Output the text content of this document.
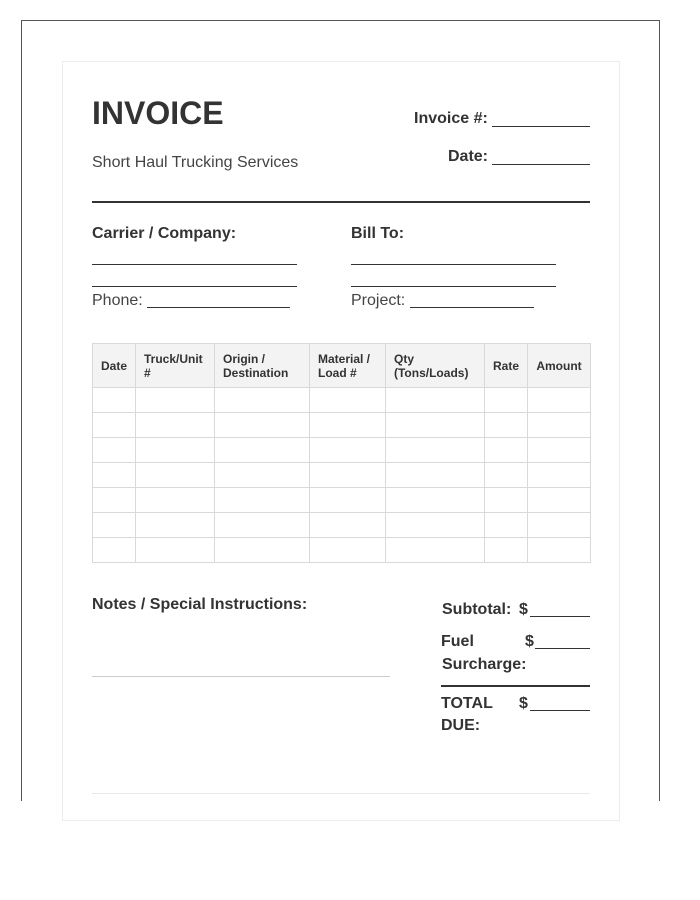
INVOICE
Short Haul Trucking Services
Invoice #:
Date:
Carrier / Company:
Phone:
Bill To:
Project:
Date	Truck/Unit #	Origin / Destination	Material / Load #	Qty (Tons/Loads)	Rate	Amount

Notes / Special Instructions:	Subtotal: $
Fuel
Surcharge:
$
TOTAL
DUE:
$
